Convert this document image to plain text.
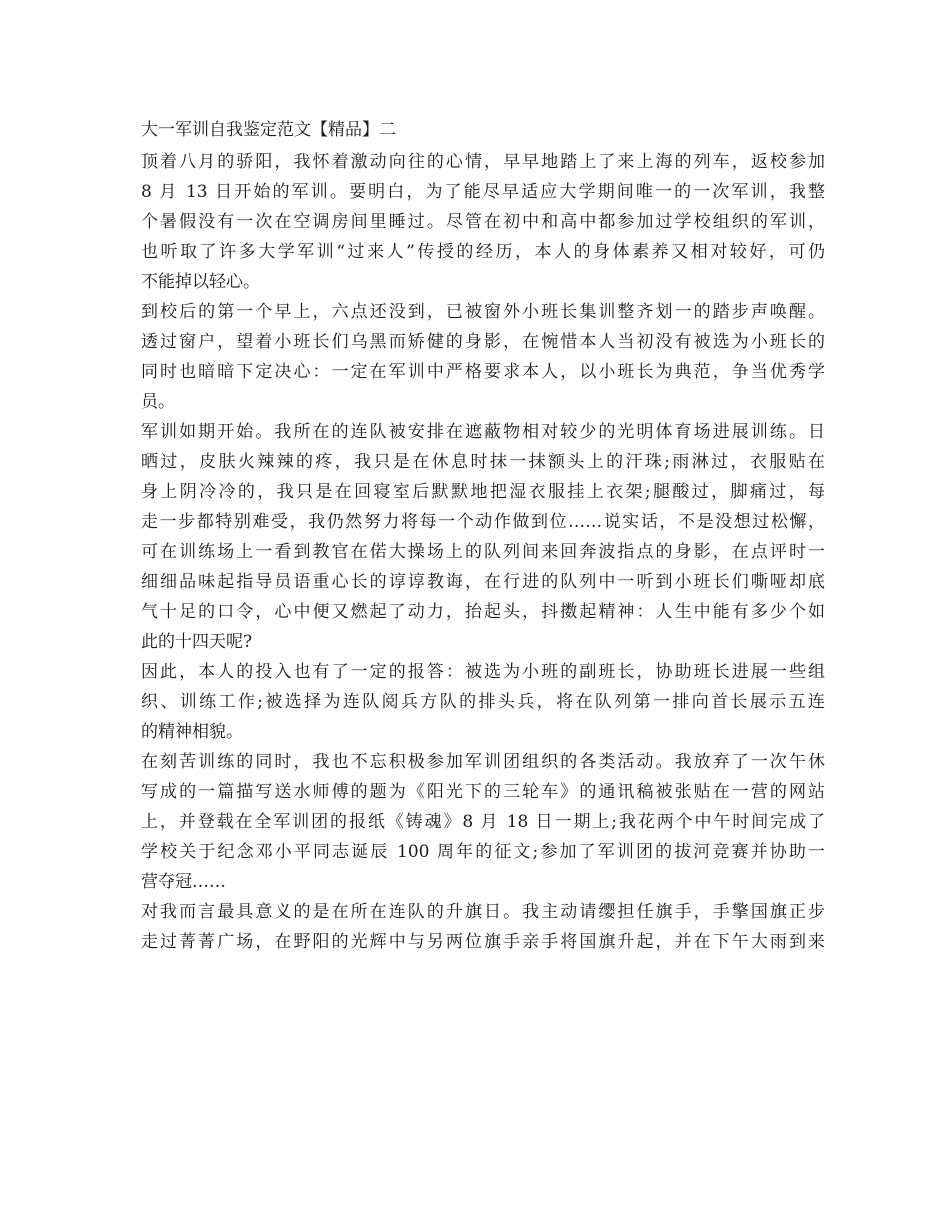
大一军训自我鉴定范文【精品】二
顶着八月的骄阳，我怀着激动向往的心情，早早地踏上了来上海的列车，返校参加
8 月 13 日开始的军训。要明白，为了能尽早适应大学期间唯一的一次军训，我整
个暑假没有一次在空调房间里睡过。尽管在初中和高中都参加过学校组织的军训，
也听取了许多大学军训“过来人”传授的经历，本人的身体素养又相对较好，可仍
不能掉以轻心。
到校后的第一个早上，六点还没到，已被窗外小班长集训整齐划一的踏步声唤醒。
透过窗户，望着小班长们乌黑而矫健的身影，在惋惜本人当初没有被选为小班长的
同时也暗暗下定决心：一定在军训中严格要求本人，以小班长为典范，争当优秀学
员。
军训如期开始。我所在的连队被安排在遮蔽物相对较少的光明体育场进展训练。日
晒过，皮肤火辣辣的疼，我只是在休息时抹一抹额头上的汗珠;雨淋过，衣服贴在
身上阴冷冷的，我只是在回寝室后默默地把湿衣服挂上衣架;腿酸过，脚痛过，每
走一步都特别难受，我仍然努力将每一个动作做到位……说实话，不是没想过松懈，
可在训练场上一看到教官在偌大操场上的队列间来回奔波指点的身影，在点评时一
细细品味起指导员语重心长的谆谆教诲，在行进的队列中一听到小班长们嘶哑却底
气十足的口令，心中便又燃起了动力，抬起头，抖擞起精神：人生中能有多少个如
此的十四天呢?
因此，本人的投入也有了一定的报答：被选为小班的副班长，协助班长进展一些组
织、训练工作;被选择为连队阅兵方队的排头兵，将在队列第一排向首长展示五连
的精神相貌。
在刻苦训练的同时，我也不忘积极参加军训团组织的各类活动。我放弃了一次午休
写成的一篇描写送水师傅的题为《阳光下的三轮车》的通讯稿被张贴在一营的网站
上，并登载在全军训团的报纸《铸魂》8 月 18 日一期上;我花两个中午时间完成了
学校关于纪念邓小平同志诞辰 100 周年的征文;参加了军训团的拔河竞赛并协助一
营夺冠……
对我而言最具意义的是在所在连队的升旗日。我主动请缨担任旗手，手擎国旗正步
走过菁菁广场，在野阳的光辉中与另两位旗手亲手将国旗升起，并在下午大雨到来
